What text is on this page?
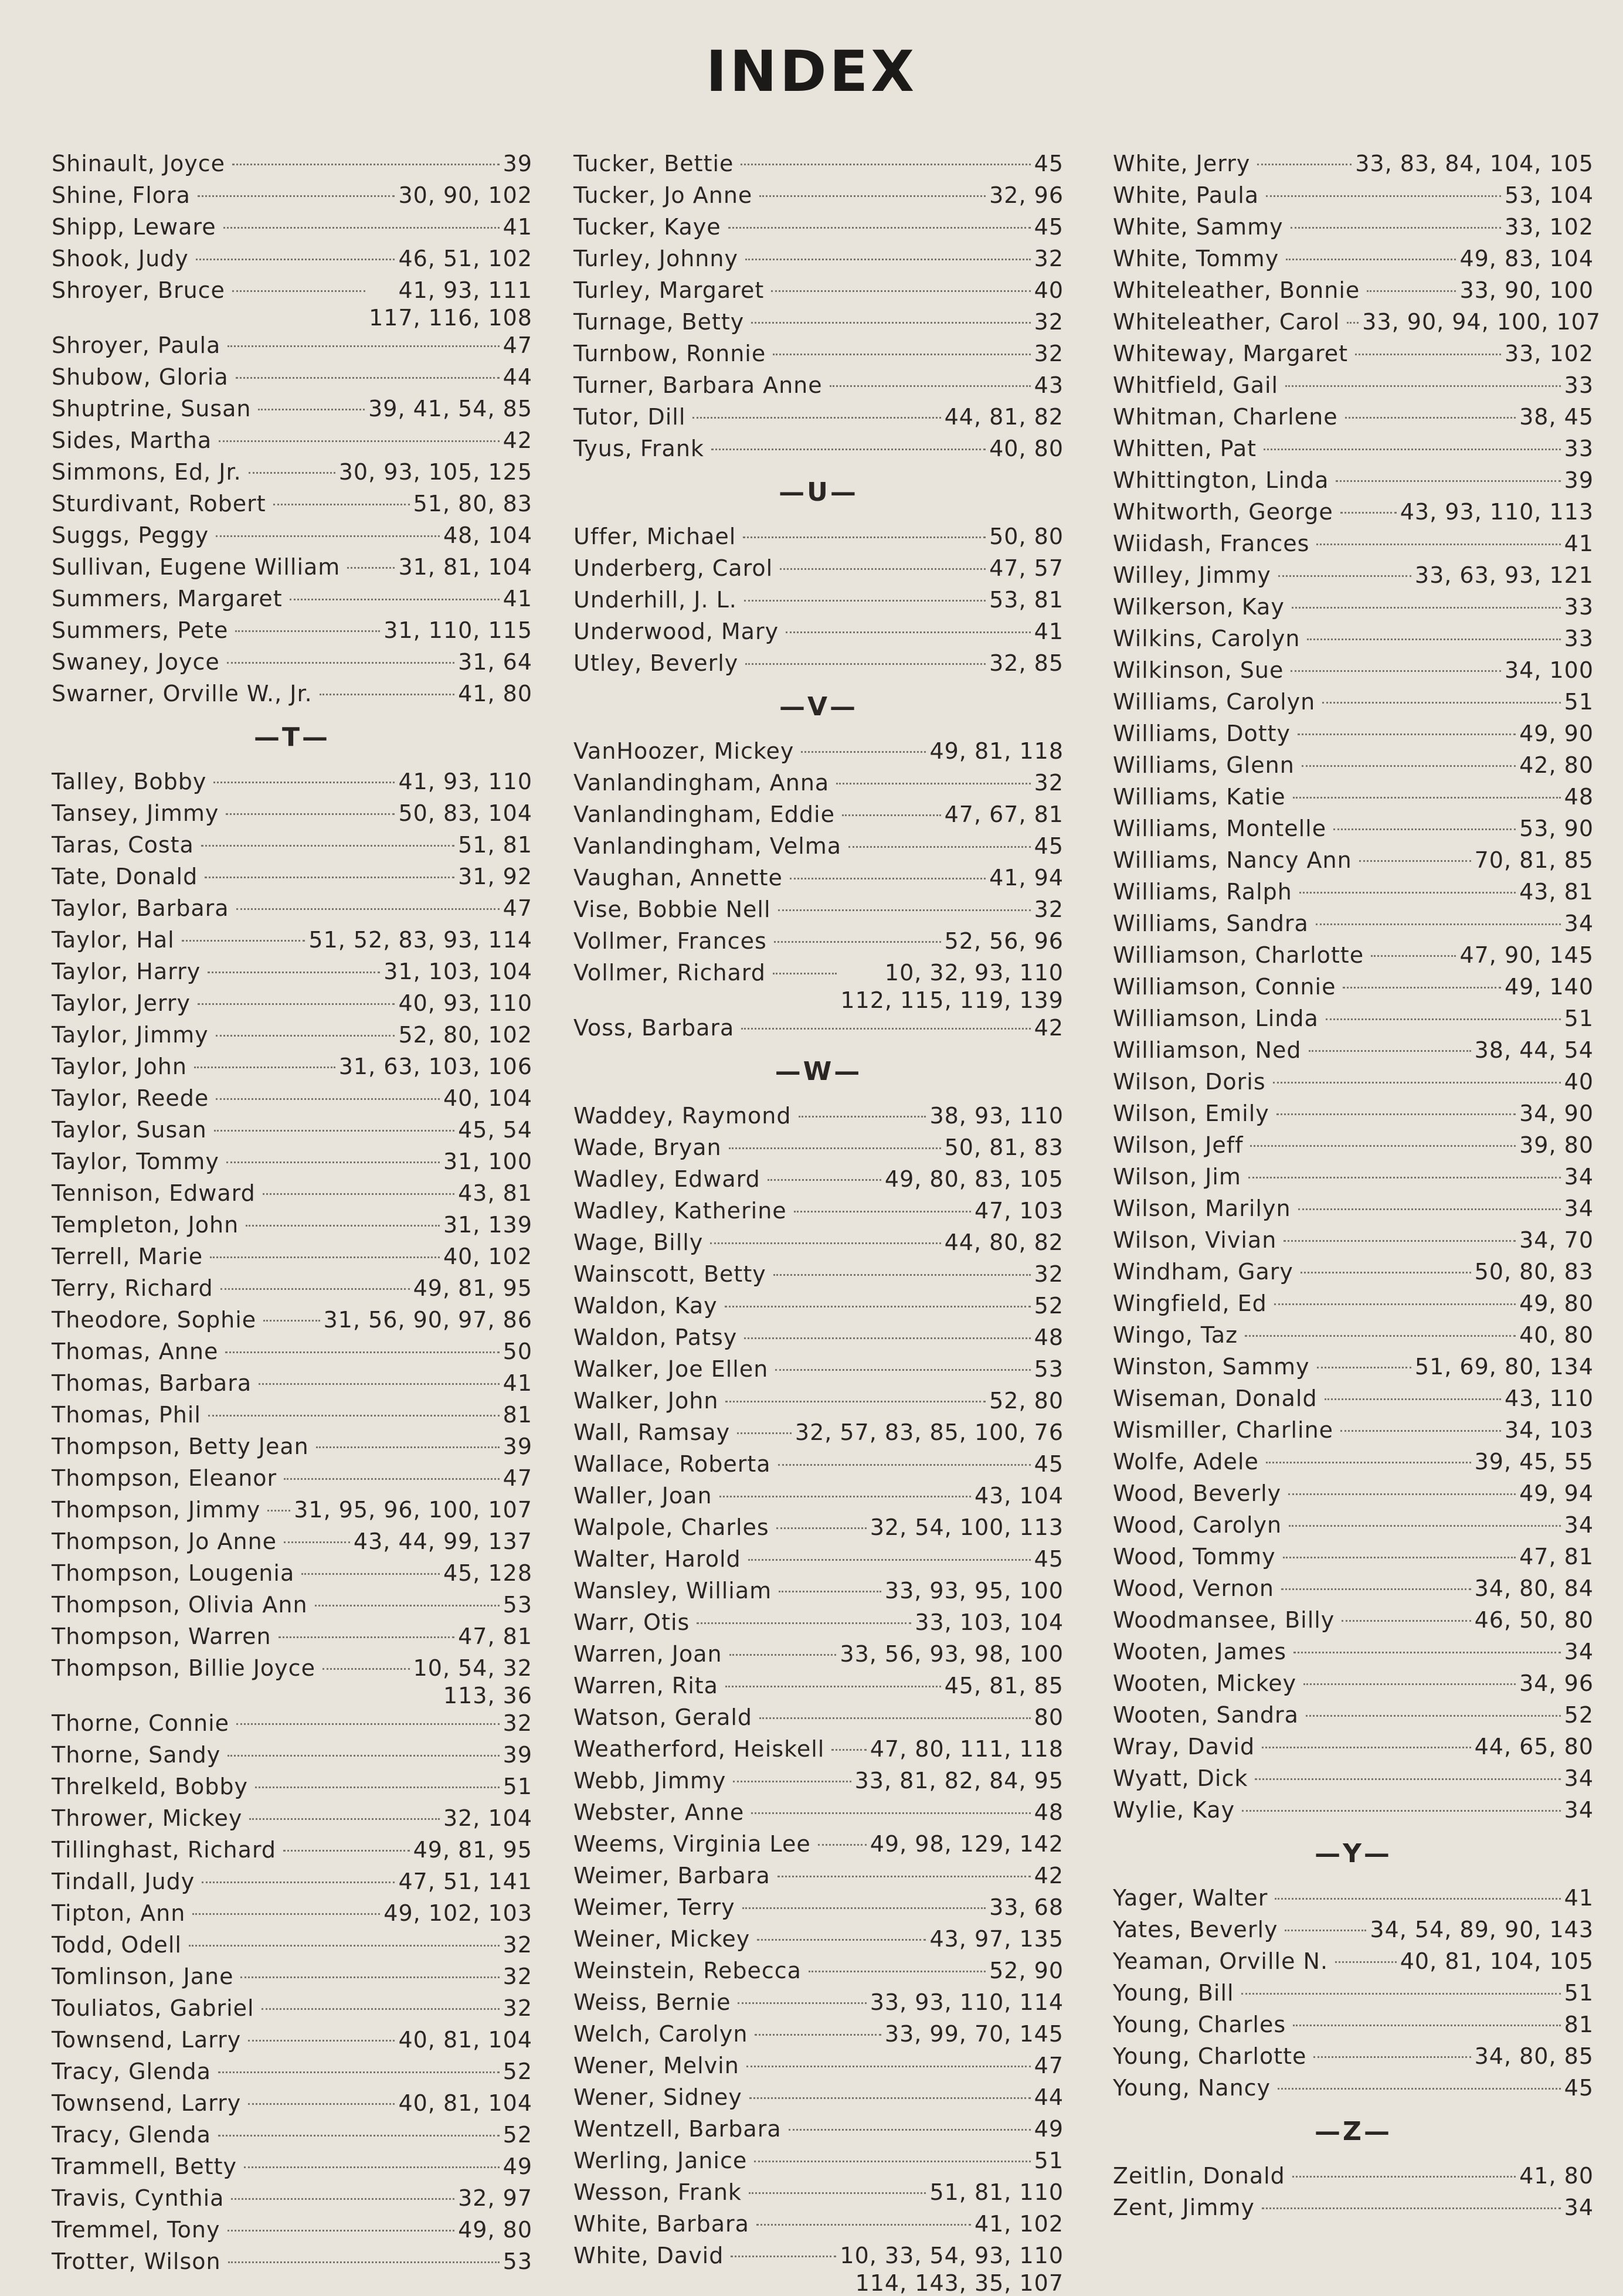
INDEX
Shinault, Joyce	39
Shine, Flora	30, 90, 102
Shipp, Leware	41
Shook, Judy	46, 51, 102
Shroyer, Bruce	41, 93, 111
117, 116, 108
Shroyer, Paula	47
Shubow, Gloria	44
Shuptrine, Susan	39, 41, 54, 85
Sides, Martha	42
Simmons, Ed, Jr.	30, 93, 105, 125
Sturdivant, Robert	51, 80, 83
Suggs, Peggy	48, 104
Sullivan, Eugene William	31, 81, 104
Summers, Margaret	41
Summers, Pete	31, 110, 115
Swaney, Joyce	31, 64
Swarner, Orville W., Jr.	41, 80
—T—
Talley, Bobby	41, 93, 110
Tansey, Jimmy	50, 83, 104
Taras, Costa	51, 81
Tate, Donald	31, 92
Taylor, Barbara	47
Taylor, Hal	51, 52, 83, 93, 114
Taylor, Harry	31, 103, 104
Taylor, Jerry	40, 93, 110
Taylor, Jimmy	52, 80, 102
Taylor, John	31, 63, 103, 106
Taylor, Reede	40, 104
Taylor, Susan	45, 54
Taylor, Tommy	31, 100
Tennison, Edward	43, 81
Templeton, John	31, 139
Terrell, Marie	40, 102
Terry, Richard	49, 81, 95
Theodore, Sophie	31, 56, 90, 97, 86
Thomas, Anne	50
Thomas, Barbara	41
Thomas, Phil	81
Thompson, Betty Jean	39
Thompson, Eleanor	47
Thompson, Jimmy 31, 95, 96, 100, 107
Thompson, Jo Anne	43, 44, 99, 137
Thompson, Lougenia	45, 128
Thompson, Olivia Ann	53
Thompson, Warren	47, 81
Thompson, Billie Joyce	10, 54, 32
113, 36
Thorne, Connie	32
Thorne, Sandy	39
Threlkeld, Bobby	51
Thrower, Mickey	32, 104
Tillinghast, Richard	49, 81, 95
Tindall, Judy	47, 51, 141
Tipton, Ann	49, 102, 103
Todd, Odell	32
Tomlinson, Jane	32
Touliatos, Gabriel	32
Townsend, Larry	40, 81, 104
Tracy, Glenda	52
Townsend, Larry	40, 81, 104
Tracy, Glenda	52
Trammell, Betty	49
Travis, Cynthia	32, 97
Tremmel, Tony	49, 80
Trotter, Wilson	53
Tucker, Bettie	45
Tucker, Jo Anne	32, 96
Tucker, Kaye	45
Turley, Johnny	32
Turley, Margaret	40
Turnage, Betty	32
Turnbow, Ronnie	32
Turner, Barbara Anne	43
Tutor, Dill	44, 81, 82
Tyus, Frank	40, 80
—U—
Uffer, Michael	50, 80
Underberg, Carol	47, 57
Underhill, J. L.	53, 81
Underwood, Mary	41
Utley, Beverly	32, 85
—V—
VanHoozer, Mickey	49, 81, 118
Vanlandingham, Anna	32
Vanlandingham, Eddie	47, 67, 81
Vanlandingham, Velma	45
Vaughan, Annette	41, 94
Vise, Bobbie Nell	32
Vollmer, Frances	52, 56, 96
Vollmer, Richard	10, 32, 93, 110
112, 115, 119, 139
Voss, Barbara	42
—W—
Waddey, Raymond	38, 93, 110
Wade, Bryan	50, 81, 83
Wadley, Edward	49, 80, 83, 105
Wadley, Katherine	47, 103
Wage, Billy	44, 80, 82
Wainscott, Betty	32
Waldon, Kay	52
Waldon, Patsy	48
Walker, Joe Ellen	53
Walker, John	52, 80
Wall, Ramsay	32, 57, 83, 85, 100, 76
Wallace, Roberta	45
Waller, Joan	43, 104
Walpole, Charles	32, 54, 100, 113
Walter, Harold	45
Wansley, William	33, 93, 95, 100
Warr, Otis	33, 103, 104
Warren, Joan	33, 56, 93, 98, 100
Warren, Rita	45, 81, 85
Watson, Gerald	80
Weatherford, Heiskell 47, 80, 111, 118
Webb, Jimmy	33, 81, 82, 84, 95
Webster, Anne	48
Weems, Virginia Lee	49, 98, 129, 142
Weimer, Barbara	42
Weimer, Terry	33, 68
Weiner, Mickey	43, 97, 135
Weinstein, Rebecca	52, 90
Weiss, Bernie	33, 93, 110, 114
Welch, Carolyn	33, 99, 70, 145
Wener, Melvin	47
Wener, Sidney	44
Wentzell, Barbara	49
Werling, Janice	51
Wesson, Frank	51, 81, 110
White, Barbara	41, 102
White, David	10, 33, 54, 93, 110
114, 143, 35, 107
White, Jerry	33, 83, 84, 104, 105
White, Paula	53, 104
White, Sammy	33, 102
White, Tommy	49, 83, 104
Whiteleather, Bonnie	33, 90, 100
Whiteleather, Carol 33, 90, 94, 100, 107
Whiteway, Margaret	33, 102
Whitfield, Gail	33
Whitman, Charlene	38, 45
Whitten, Pat	33
Whittington, Linda	39
Whitworth, George	43, 93, 110, 113
Wiidash, Frances	41
Willey, Jimmy	33, 63, 93, 121
Wilkerson, Kay	33
Wilkins, Carolyn	33
Wilkinson, Sue	34, 100
Williams, Carolyn	51
Williams, Dotty	49, 90
Williams, Glenn	42, 80
Williams, Katie	48
Williams, Montelle	53, 90
Williams, Nancy Ann	70, 81, 85
Williams, Ralph	43, 81
Williams, Sandra	34
Williamson, Charlotte	47, 90, 145
Williamson, Connie	49, 140
Williamson, Linda	51
Williamson, Ned	38, 44, 54
Wilson, Doris	40
Wilson, Emily	34, 90
Wilson, Jeff	39, 80
Wilson, Jim	34
Wilson, Marilyn	34
Wilson, Vivian	34, 70
Windham, Gary	50, 80, 83
Wingfield, Ed	49, 80
Wingo, Taz	40, 80
Winston, Sammy	51, 69, 80, 134
Wiseman, Donald	43, 110
Wismiller, Charline	34, 103
Wolfe, Adele	39, 45, 55
Wood, Beverly	49, 94
Wood, Carolyn	34
Wood, Tommy	47, 81
Wood, Vernon	34, 80, 84
Woodmansee, Billy	46, 50, 80
Wooten, James	34
Wooten, Mickey	34, 96
Wooten, Sandra	52
Wray, David	44, 65, 80
Wyatt, Dick	34
Wylie, Kay	34
—Y—
Yager, Walter	41
Yates, Beverly	34, 54, 89, 90, 143
Yeaman, Orville N.	40, 81, 104, 105
Young, Bill	51
Young, Charles	81
Young, Charlotte	34, 80, 85
Young, Nancy	45
—Z—
Zeitlin, Donald	41, 80
Zent, Jimmy	34
